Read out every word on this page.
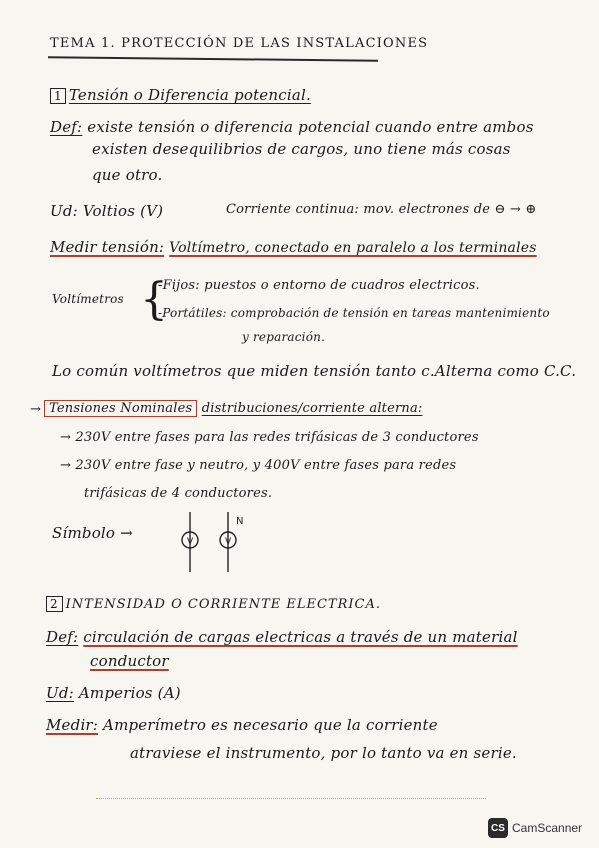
TEMA 1. PROTECCIÓN DE LAS INSTALACIONES
1 Tensión o Diferencia potencial.
Def: existe tensión o diferencia potencial cuando entre ambos
existen desequilibrios de cargos, uno tiene más cosas
que otro.
Ud: Voltios (V)	Corriente continua: mov. electrones de ⊖ → ⊕
Medir tensión: Voltímetro, conectado en paralelo a los terminales
Voltímetros {
-Fijos: puestos o entorno de cuadros electricos.
-Portátiles: comprobación de tensión en tareas mantenimiento
y reparación.
Lo común voltímetros que miden tensión tanto c.Alterna como C.C.
→ Tensiones Nominales distribuciones/corriente alterna:
→ 230V entre fases para las redes trifásicas de 3 conductores
→ 230V entre fase y neutro, y 400V entre fases para redes
trifásicas de 4 conductores.
Símbolo →	V	V
N
2 INTENSIDAD O CORRIENTE ELECTRICA.
Def: circulación de cargas electricas a través de un material
conductor
Ud: Amperios (A)
Medir: Amperímetro es necesario que la corriente
atraviese el instrumento, por lo tanto va en serie.
CS CamScanner
